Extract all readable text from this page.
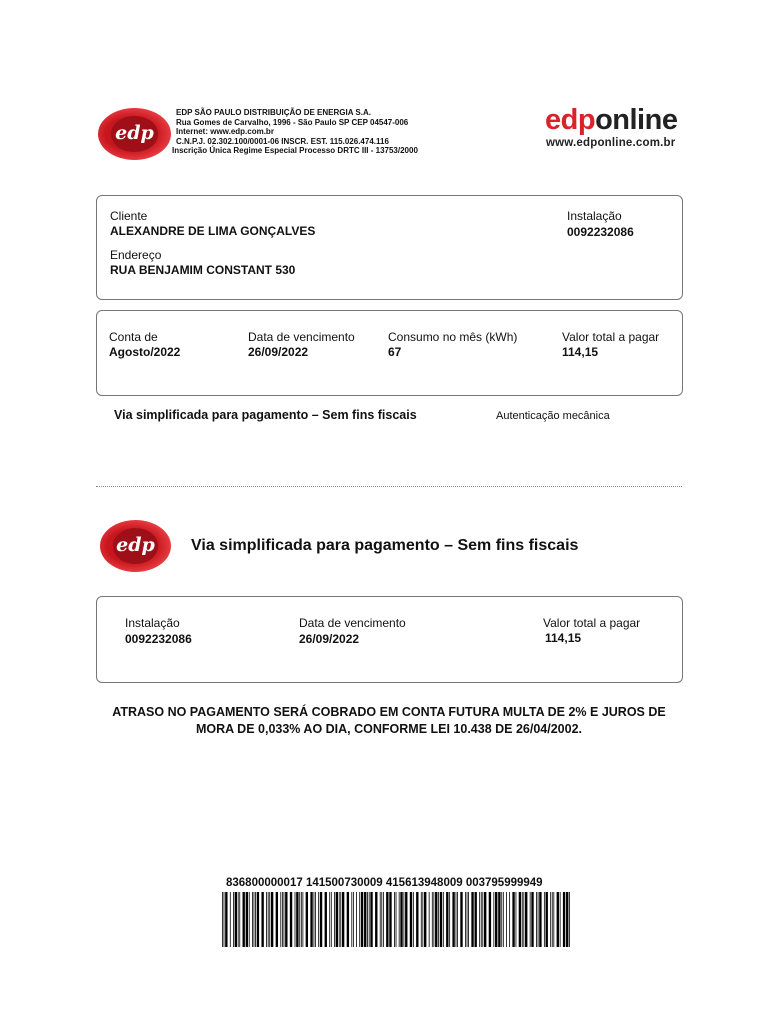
edp
EDP SÃO PAULO DISTRIBUIÇÃO DE ENERGIA S.A.
Rua Gomes de Carvalho, 1996 - São Paulo SP CEP 04547-006
Internet: www.edp.com.br
C.N.P.J. 02.302.100/0001-06 INSCR. EST. 115.026.474.116
Inscrição Única Regime Especial Processo DRTC III - 13753/2000
edponline
www.edponline.com.br
Cliente
ALEXANDRE DE LIMA GONÇALVES
Instalação
0092232086
Endereço
RUA BENJAMIM CONSTANT 530
Conta de
Agosto/2022
Data de vencimento
26/09/2022
Consumo no mês (kWh)
67
Valor total a pagar
114,15
Via simplificada para pagamento – Sem fins fiscais	Autenticação mecânica
edp	Via simplificada para pagamento – Sem fins fiscais
Instalação
0092232086
Data de vencimento
26/09/2022
Valor total a pagar
114,15
ATRASO NO PAGAMENTO SERÁ COBRADO EM CONTA FUTURA MULTA DE 2% E JUROS DE
MORA DE 0,033% AO DIA, CONFORME LEI 10.438 DE 26/04/2002.
836800000017 141500730009 415613948009 003795999949
